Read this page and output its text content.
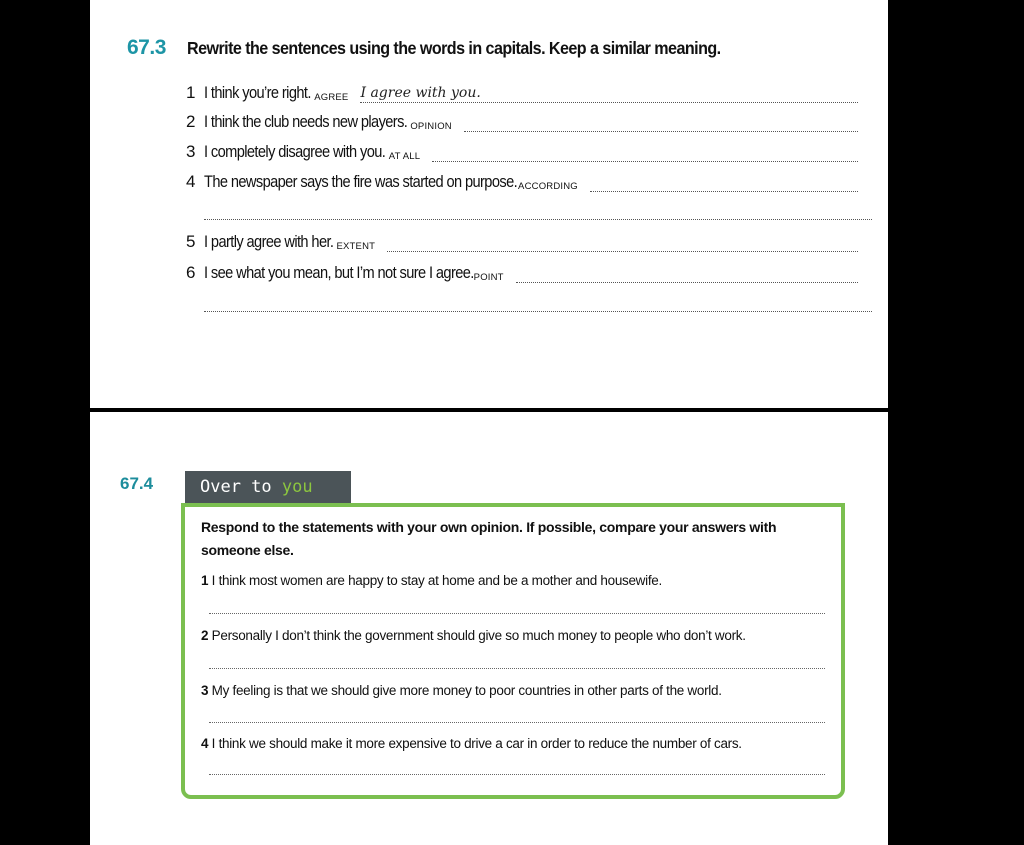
67.3 Rewrite the sentences using the words in capitals. Keep a similar meaning.
1 I think you’re right. AGREE I agree with you.
2 I think the club needs new players. OPINION
3 I completely disagree with you. AT ALL
4 The newspaper says the fire was started on purpose. ACCORDING
5 I partly agree with her. EXTENT
6 I see what you mean, but I’m not sure I agree. POINT
67.4	Over to you
Respond to the statements with your own opinion. If possible, compare your answers with someone else.
1 I think most women are happy to stay at home and be a mother and housewife.
2 Personally I don’t think the government should give so much money to people who don’t work.
3 My feeling is that we should give more money to poor countries in other parts of the world.
4 I think we should make it more expensive to drive a car in order to reduce the number of cars.
